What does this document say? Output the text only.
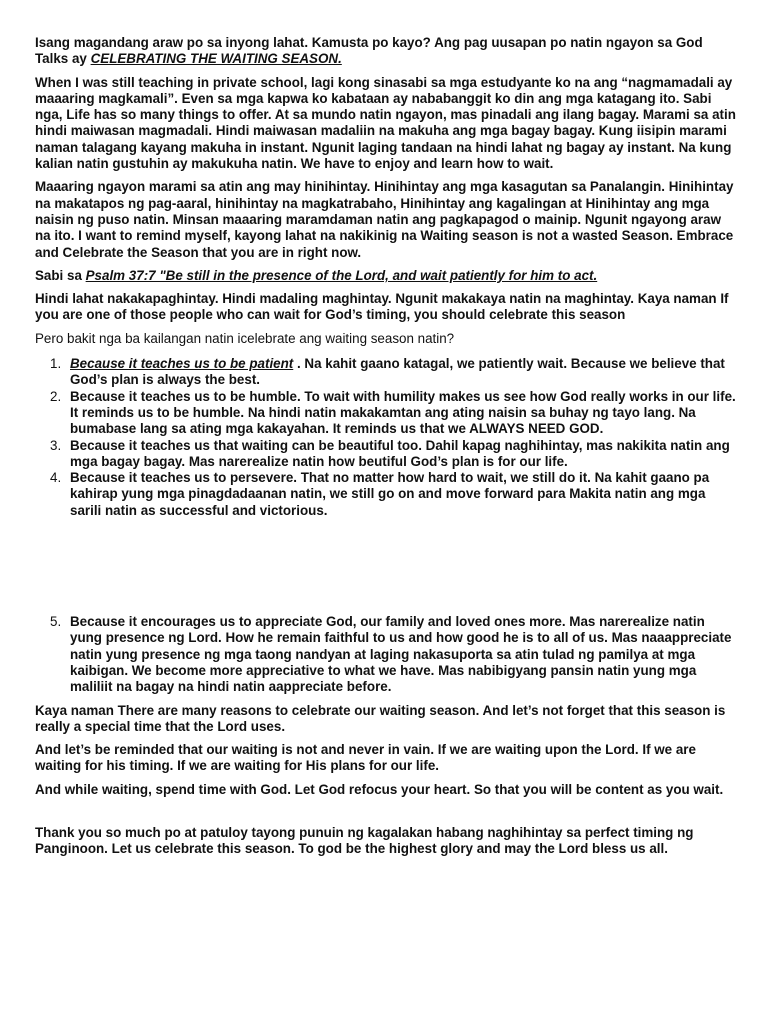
Isang magandang araw po sa inyong lahat. Kamusta po kayo? Ang pag uusapan po natin ngayon sa God Talks ay CELEBRATING THE WAITING SEASON.

When I was still teaching in private school, lagi kong sinasabi sa mga estudyante ko na ang “nagmamadali ay maaaring magkamali”. Even sa mga kapwa ko kabataan ay nababanggit ko din ang mga katagang ito. Sabi nga, Life has so many things to offer. At sa mundo natin ngayon, mas pinadali ang ilang bagay. Marami sa atin hindi maiwasan magmadali. Hindi maiwasan madaliin na makuha ang mga bagay bagay. Kung iisipin marami naman talagang kayang makuha in instant. Ngunit laging tandaan na hindi lahat ng bagay ay instant. Na kung kalian natin gustuhin ay makukuha natin. We have to enjoy and learn how to wait.

Maaaring ngayon marami sa atin ang may hinihintay. Hinihintay ang mga kasagutan sa Panalangin. Hinihintay na makatapos ng pag-aaral, hinihintay na magkatrabaho, Hinihintay ang kagalingan at Hinihintay ang mga naisin ng puso natin. Minsan maaaring maramdaman natin ang pagkapagod o mainip. Ngunit ngayong araw na ito. I want to remind myself, kayong lahat na nakikinig na Waiting season is not a wasted Season. Embrace and Celebrate the Season that you are in right now.

Sabi sa Psalm 37:7 "Be still in the presence of the Lord, and wait patiently for him to act.

Hindi lahat nakakapaghintay. Hindi madaling maghintay. Ngunit makakaya natin na maghintay. Kaya naman If you are one of those people who can wait for God’s timing, you should celebrate this season

Pero bakit nga ba kailangan natin icelebrate ang waiting season natin?

1. Because it teaches us to be patient . Na kahit gaano katagal, we patiently wait. Because we believe that God’s plan is always the best.
2. Because it teaches us to be humble. To wait with humility makes us see how God really works in our life. It reminds us to be humble. Na hindi natin makakamtan ang ating naisin sa buhay ng tayo lang. Na bumabase lang sa ating mga kakayahan. It reminds us that we ALWAYS NEED GOD.
3. Because it teaches us that waiting can be beautiful too. Dahil kapag naghihintay, mas nakikita natin ang mga bagay bagay. Mas narerealize natin how beutiful God’s plan is for our life.
4. Because it teaches us to persevere. That no matter how hard to wait, we still do it. Na kahit gaano pa kahirap yung mga pinagdadaanan natin, we still go on and move forward para Makita natin ang mga sarili natin as successful and victorious.
5. Because it encourages us to appreciate God, our family and loved ones more. Mas narerealize natin yung presence ng Lord. How he remain faithful to us and how good he is to all of us. Mas naaappreciate natin yung presence ng mga taong nandyan at laging nakasuporta sa atin tulad ng pamilya at mga kaibigan. We become more appreciative to what we have. Mas nabibigyang pansin natin yung mga maliliit na bagay na hindi natin aappreciate before.

Kaya naman There are many reasons to celebrate our waiting season. And let’s not forget that this season is really a special time that the Lord uses.

And let’s be reminded that our waiting is not and never in vain. If we are waiting upon the Lord. If we are waiting for his timing. If we are waiting for His plans for our life.

And while waiting, spend time with God. Let God refocus your heart. So that you will be content as you wait.

Thank you so much po at patuloy tayong punuin ng kagalakan habang naghihintay sa perfect timing ng Panginoon. Let us celebrate this season. To god be the highest glory and may the Lord bless us all.
